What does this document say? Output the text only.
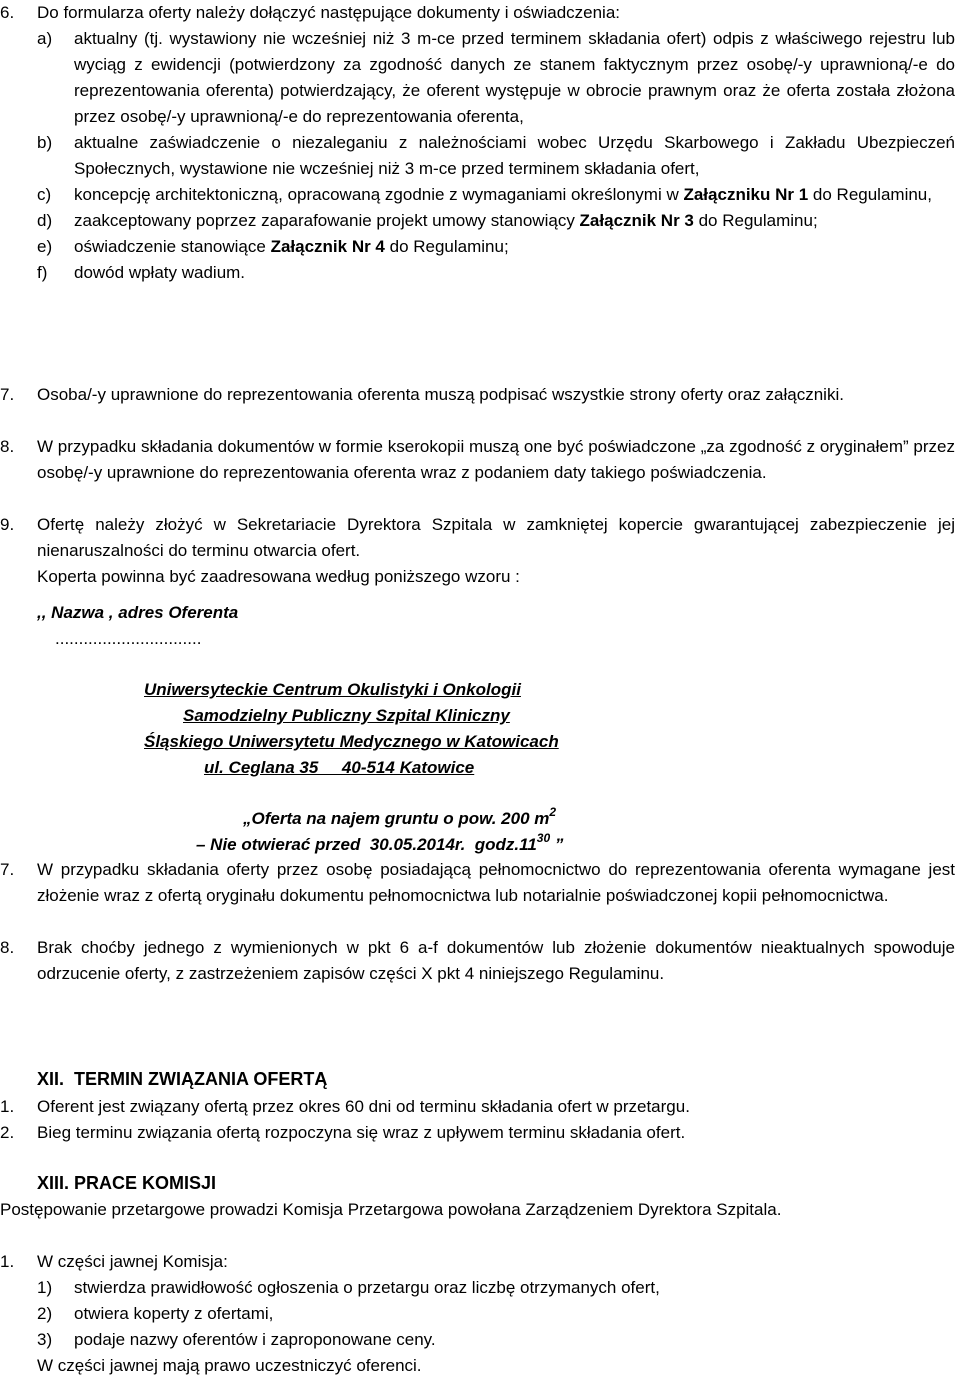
6.	Do formularza oferty należy dołączyć następujące dokumenty i oświadczenia:
a)	aktualny (tj. wystawiony nie wcześniej niż 3 m-ce przed terminem składania ofert) odpis z właściwego rejestru lub wyciąg z ewidencji (potwierdzony za zgodność danych ze stanem faktycznym przez osobę/-y uprawnioną/-e do reprezentowania oferenta) potwierdzający, że oferent występuje w obrocie prawnym oraz że oferta została złożona przez osobę/-y uprawnioną/-e do reprezentowania oferenta,
b)	aktualne zaświadczenie o niezaleganiu z należnościami wobec Urzędu Skarbowego i Zakładu Ubezpieczeń Społecznych, wystawione nie wcześniej niż 3 m-ce przed terminem składania ofert,
c)	koncepcję architektoniczną, opracowaną zgodnie z wymaganiami określonymi w Załączniku Nr 1 do Regulaminu,
d)	zaakceptowany poprzez zaparafowanie projekt umowy stanowiący Załącznik Nr 3 do Regulaminu;
e)	oświadczenie stanowiące Załącznik Nr 4 do Regulaminu;
f)	dowód wpłaty wadium.
7.	Osoba/-y uprawnione do reprezentowania oferenta muszą podpisać wszystkie strony oferty oraz załączniki.
8.	W przypadku składania dokumentów w formie kserokopii muszą one być poświadczone „za zgodność z oryginałem” przez osobę/-y uprawnione do reprezentowania oferenta wraz z podaniem daty takiego poświadczenia.
9.	Ofertę należy złożyć w Sekretariacie Dyrektora Szpitala w zamkniętej kopercie gwarantującej zabezpieczenie jej nienaruszalności do terminu otwarcia ofert.
Koperta powinna być zaadresowana według poniższego wzoru :
,, Nazwa , adres Oferenta
...............................
Uniwersyteckie Centrum Okulistyki i Onkologii
Samodzielny Publiczny Szpital Kliniczny
Śląskiego Uniwersytetu Medycznego w Katowicach
ul. Ceglana 35     40-514 Katowice
„Oferta na najem gruntu o pow. 200 $m^2$
– Nie otwierać przed  30.05.2014r.  $godz.11^{30}$ ”
7.	W przypadku składania oferty przez osobę posiadającą pełnomocnictwo do reprezentowania oferenta wymagane jest złożenie wraz z ofertą oryginału dokumentu pełnomocnictwa lub notarialnie poświadczonej kopii pełnomocnictwa.
8.	Brak choćby jednego z wymienionych w pkt 6 a-f dokumentów lub złożenie dokumentów nieaktualnych spowoduje odrzucenie oferty, z zastrzeżeniem zapisów części X pkt 4 niniejszego Regulaminu.
XII.  TERMIN ZWIĄZANIA OFERTĄ
1.	Oferent jest związany ofertą przez okres 60 dni od terminu składania ofert w przetargu.
2.	Bieg terminu związania ofertą rozpoczyna się wraz z upływem terminu składania ofert.
XIII. PRACE KOMISJI
Postępowanie przetargowe prowadzi Komisja Przetargowa powołana Zarządzeniem Dyrektora Szpitala.
1.	W części jawnej Komisja:
1)	stwierdza prawidłowość ogłoszenia o przetargu oraz liczbę otrzymanych ofert,
2)	otwiera koperty z ofertami,
3)	podaje nazwy oferentów i zaproponowane ceny.
W części jawnej mają prawo uczestniczyć oferenci.
